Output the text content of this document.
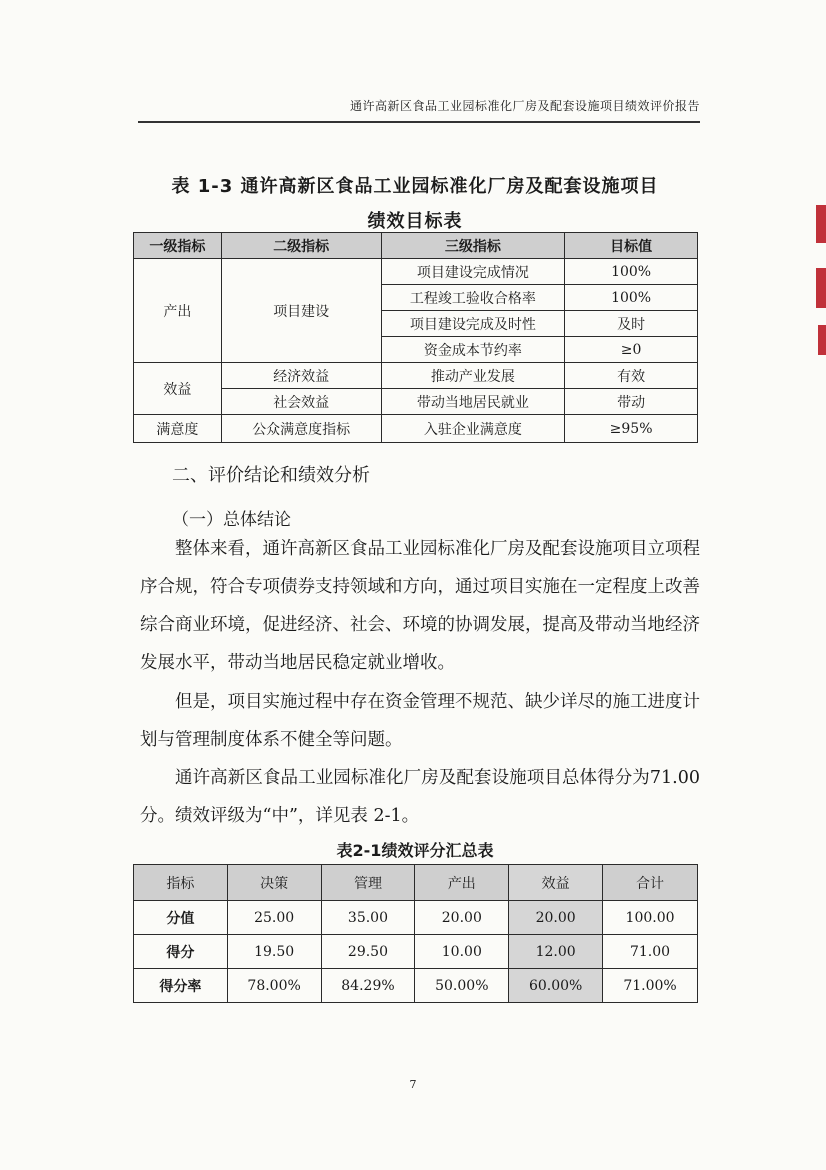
通许高新区食品工业园标准化厂房及配套设施项目绩效评价报告
表 1-3 通许高新区食品工业园标准化厂房及配套设施项目
绩效目标表
一级指标	二级指标	三级指标	目标值
产出	项目建设	项目建设完成情况	100%
		工程竣工验收合格率	100%
		项目建设完成及时性	及时
		资金成本节约率	≥0
效益	经济效益	推动产业发展	有效
	社会效益	带动当地居民就业	带动
满意度	公众满意度指标	入驻企业满意度	≥95%
二、评价结论和绩效分析
（一）总体结论

整体来看，通许高新区食品工业园标准化厂房及配套设施项目立项程序合规，符合专项债券支持领域和方向，通过项目实施在一定程度上改善综合商业环境，促进经济、社会、环境的协调发展，提高及带动当地经济发展水平，带动当地居民稳定就业增收。

但是，项目实施过程中存在资金管理不规范、缺少详尽的施工进度计划与管理制度体系不健全等问题。

通许高新区食品工业园标准化厂房及配套设施项目总体得分为71.00分。绩效评级为“中”，详见表 2-1。

表2-1绩效评分汇总表
指标	决策	管理	产出	效益	合计
分值	25.00	35.00	20.00	20.00	100.00
得分	19.50	29.50	10.00	12.00	71.00
得分率	78.00%	84.29%	50.00%	60.00%	71.00%
7
